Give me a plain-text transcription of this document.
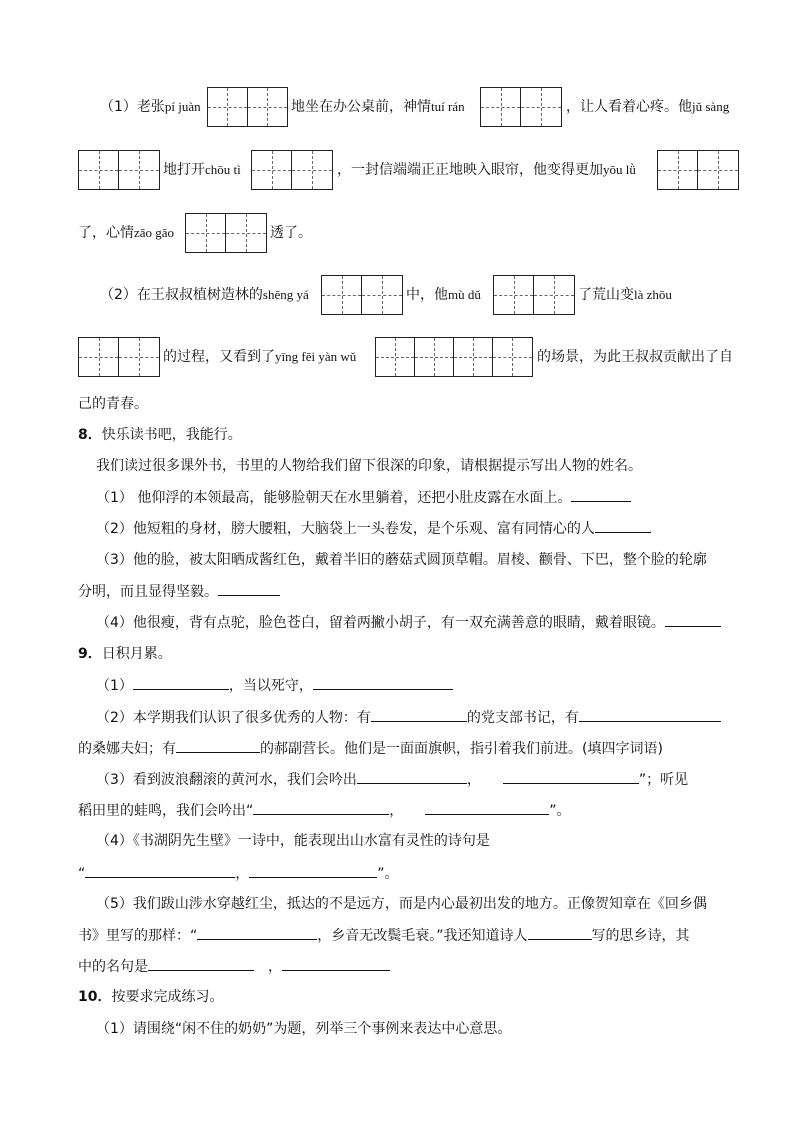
（1）老张pí juàn	地坐在办公桌前，神情tuí rán	，让人看着心疼。他jǔ sàng
地打开chōu tì	，一封信端端正正地映入眼帘，他变得更加yōu lǜ
了，心情zāo gāo	透了。
（2）在王叔叔植树造林的shēng yá	中，他mù dǔ	了荒山变là zhōu
的过程，又看到了yīng fēi yàn wǔ	的场景，为此王叔叔贡献出了自
己的青春。
8．快乐读书吧，我能行。
我们读过很多课外书，书里的人物给我们留下很深的印象，请根据提示写出人物的姓名。
（1） 他仰浮的本领最高，能够脸朝天在水里躺着，还把小肚皮露在水面上。
（2）他短粗的身材，膀大腰粗，大脑袋上一头卷发，是个乐观、富有同情心的人
（3）他的脸，被太阳晒成酱红色，戴着半旧的蘑菇式圆顶草帽。眉棱、颧骨、下巴，整个脸的轮廓
分明，而且显得坚毅。
（4）他很瘦，背有点驼，脸色苍白，留着两撇小胡子，有一双充满善意的眼睛，戴着眼镜。
9．日积月累。
（1）	，当以死守，
（2）本学期我们认识了很多优秀的人物：有	的党支部书记，有
的桑娜夫妇；有	的郝副营长。他们是一面面旗帜，指引着我们前进。(填四字词语)
（3）看到波浪翻滚的黄河水，我们会吟出	，	”；听见
稻田里的蛙鸣，我们会吟出“	，	”。
（4）《书湖阴先生壁》一诗中，能表现出山水富有灵性的诗句是
“	，	”。
（5）我们跋山涉水穿越红尘，抵达的不是远方，而是内心最初出发的地方。正像贺知章在《回乡偶
书》里写的那样：“	，乡音无改鬓毛衰。”我还知道诗人	写的思乡诗，其
中的名句是	，
10．按要求完成练习。
（1）请围绕“闲不住的奶奶”为题，列举三个事例来表达中心意思。
